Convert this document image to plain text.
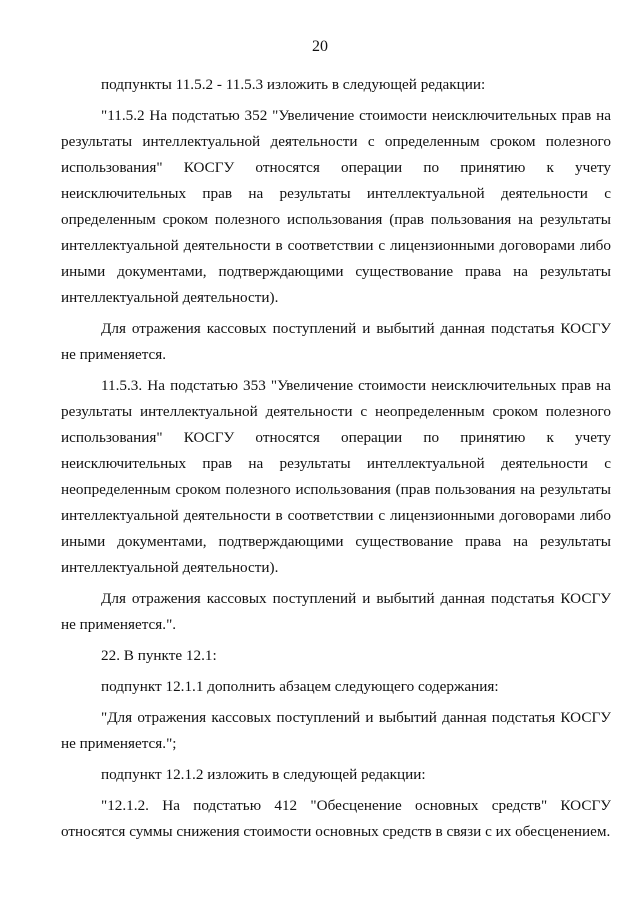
20

подпункты 11.5.2 - 11.5.3 изложить в следующей редакции:

"11.5.2 На подстатью 352 "Увеличение стоимости неисключительных прав на результаты интеллектуальной деятельности с определенным сроком полезного использования" КОСГУ относятся операции по принятию к учету неисключительных прав на результаты интеллектуальной деятельности с определенным сроком полезного использования (прав пользования на результаты интеллектуальной деятельности в соответствии с лицензионными договорами либо иными документами, подтверждающими существование права на результаты интеллектуальной деятельности).

Для отражения кассовых поступлений и выбытий данная подстатья КОСГУ не применяется.

11.5.3. На подстатью 353 "Увеличение стоимости неисключительных прав на результаты интеллектуальной деятельности с неопределенным сроком полезного использования" КОСГУ относятся операции по принятию к учету неисключительных прав на результаты интеллектуальной деятельности с неопределенным сроком полезного использования (прав пользования на результаты интеллектуальной деятельности в соответствии с лицензионными договорами либо иными документами, подтверждающими существование права на результаты интеллектуальной деятельности).

Для отражения кассовых поступлений и выбытий данная подстатья КОСГУ не применяется.".

22. В пункте 12.1:

подпункт 12.1.1 дополнить абзацем следующего содержания:

"Для отражения кассовых поступлений и выбытий данная подстатья КОСГУ не применяется.";

подпункт 12.1.2 изложить в следующей редакции:

"12.1.2. На подстатью 412 "Обесценение основных средств" КОСГУ относятся суммы снижения стоимости основных средств в связи с их обесценением.
